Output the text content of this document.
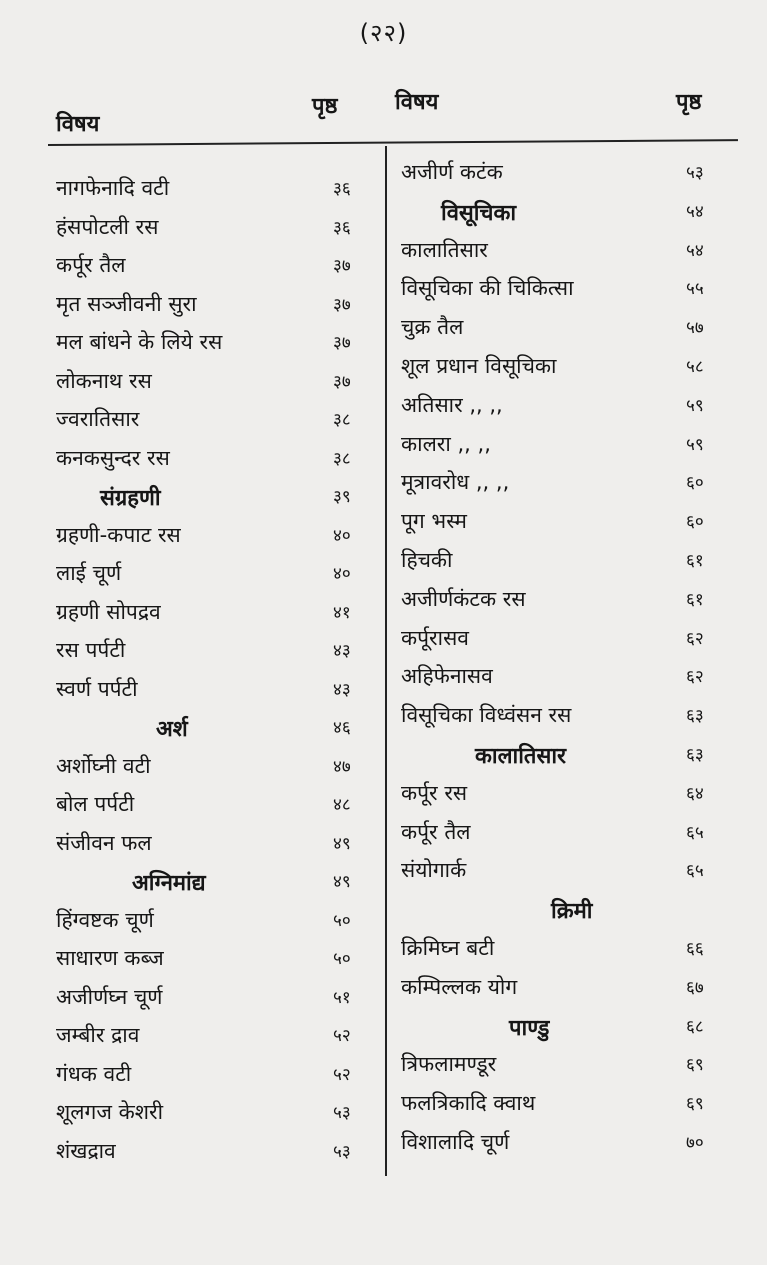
(२२)
विषय
पृष्ठ	विषय	पृष्ठ
नागफेनादि वटी	३६
हंसपोटली रस	३६
कर्पूर तैल	३७
मृत सञ्जीवनी सुरा	३७
मल बांधने के लिये रस	३७
लोकनाथ रस	३७
ज्वरातिसार	३८
कनकसुन्दर रस	३८
संग्रहणी	३९
ग्रहणी-कपाट रस	४०
लाई चूर्ण	४०
ग्रहणी सोपद्रव	४१
रस पर्पटी	४३
स्वर्ण पर्पटी	४३
अर्श	४६
अर्शोघ्नी वटी	४७
बोल पर्पटी	४८
संजीवन फल	४९
अग्निमांद्य	४९
हिंग्वष्टक चूर्ण	५०
साधारण कब्ज	५०
अजीर्णघ्न चूर्ण	५१
जम्बीर द्राव	५२
गंधक वटी	५२
शूलगज केशरी	५३
शंखद्राव	५३
अजीर्ण कटंक	५३
विसूचिका	५४
कालातिसार	५४
विसूचिका की चिकित्सा	५५
चुक्र तैल	५७
शूल प्रधान विसूचिका	५८
अतिसार ,, ,,	५९
कालरा ,, ,,	५९
मूत्रावरोध ,, ,,	६०
पूग भस्म	६०
हिचकी	६१
अजीर्णकंटक रस	६१
कर्पूरासव	६२
अहिफेनासव	६२
विसूचिका विध्वंसन रस	६३
कालातिसार	६३
कर्पूर रस	६४
कर्पूर तैल	६५
संयोगार्क	६५
क्रिमी
क्रिमिघ्न बटी	६६
कम्पिल्लक योग	६७
पाण्डु	६८
त्रिफलामण्डूर	६९
फलत्रिकादि क्वाथ	६९
विशालादि चूर्ण	७०
